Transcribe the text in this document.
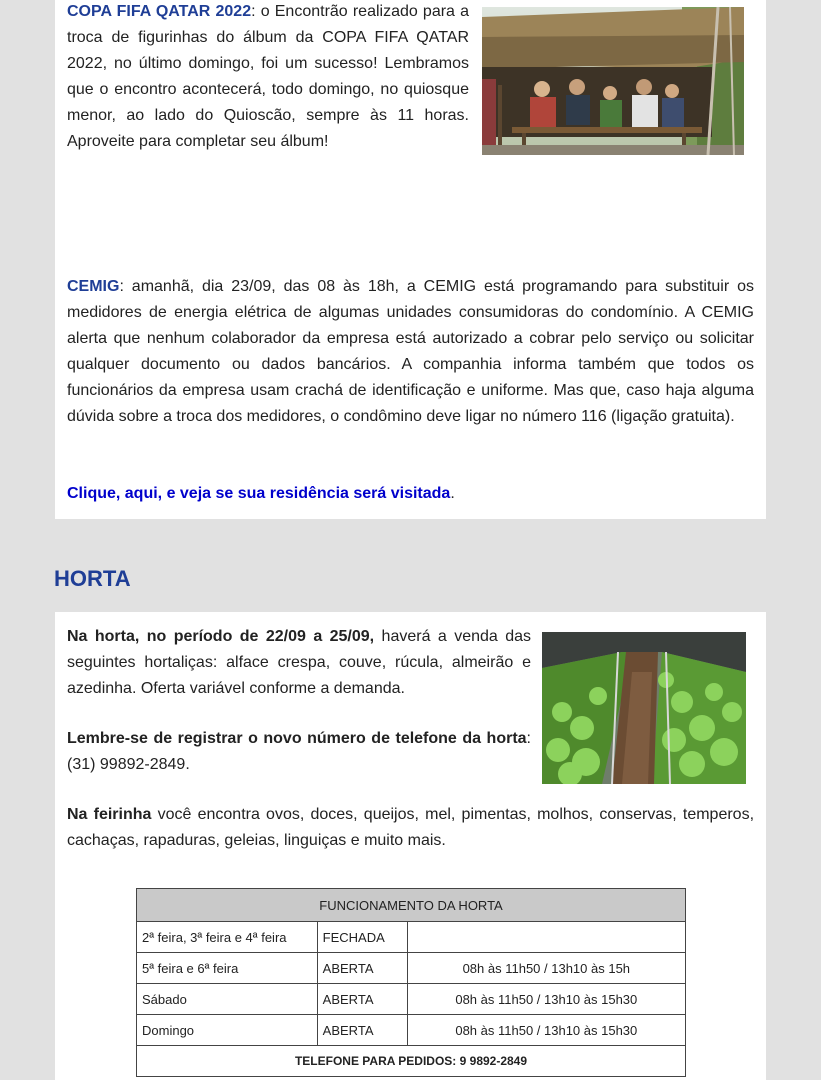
COPA FIFA QATAR 2022: o Encontrão realizado para a troca de figurinhas do álbum da COPA FIFA QATAR 2022, no último domingo, foi um sucesso! Lembramos que o encontro acontecerá, todo domingo, no quiosque menor, ao lado do Quioscão, sempre às 11 horas. Aproveite para completar seu álbum!

CEMIG: amanhã, dia 23/09, das 08 às 18h, a CEMIG está programando para substituir os medidores de energia elétrica de algumas unidades consumidoras do condomínio. A CEMIG alerta que nenhum colaborador da empresa está autorizado a cobrar pelo serviço ou solicitar qualquer documento ou dados bancários. A companhia informa também que todos os funcionários da empresa usam crachá de identificação e uniforme. Mas que, caso haja alguma dúvida sobre a troca dos medidores, o condômino deve ligar no número 116 (ligação gratuita).

Clique, aqui, e veja se sua residência será visitada.

HORTA

Na horta, no período de 22/09 a 25/09, haverá a venda das seguintes hortaliças: alface crespa, couve, rúcula, almeirão e azedinha. Oferta variável conforme a demanda.

Lembre-se de registrar o novo número de telefone da horta: (31) 99892-2849.

Na feirinha você encontra ovos, doces, queijos, mel, pimentas, molhos, conservas, temperos, cachaças, rapaduras, geleias, linguiças e muito mais.

FUNCIONAMENTO DA HORTA		
2ª feira, 3ª feira e 4ª feira	FECHADA	
5ª feira e 6ª feira	ABERTA	08h às 11h50 / 13h10 às 15h
Sábado	ABERTA	08h às 11h50 / 13h10 às 15h30
Domingo	ABERTA	08h às 11h50 / 13h10 às 15h30
TELEFONE PARA PEDIDOS: 9 9892-2849		
